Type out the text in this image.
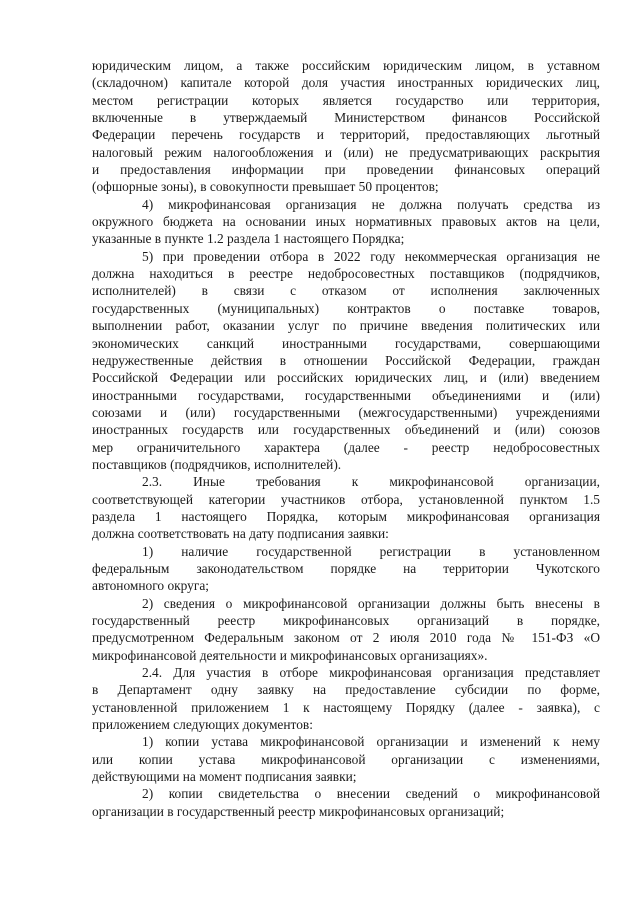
юридическим лицом, а также российским юридическим лицом, в уставном
(складочном) капитале которой доля участия иностранных юридических лиц,
местом регистрации которых является государство или территория,
включенные в утверждаемый Министерством финансов Российской
Федерации перечень государств и территорий, предоставляющих льготный
налоговый режим налогообложения и (или) не предусматривающих раскрытия
и предоставления информации при проведении финансовых операций
(офшорные зоны), в совокупности превышает 50 процентов;

4) микрофинансовая организация не должна получать средства из
окружного бюджета на основании иных нормативных правовых актов на цели,
указанные в пункте 1.2 раздела 1 настоящего Порядка;

5) при проведении отбора в 2022 году некоммерческая организация не
должна находиться в реестре недобросовестных поставщиков (подрядчиков,
исполнителей) в связи с отказом от исполнения заключенных
государственных (муниципальных) контрактов о поставке товаров,
выполнении работ, оказании услуг по причине введения политических или
экономических санкций иностранными государствами, совершающими
недружественные действия в отношении Российской Федерации, граждан
Российской Федерации или российских юридических лиц, и (или) введением
иностранными государствами, государственными объединениями и (или)
союзами и (или) государственными (межгосударственными) учреждениями
иностранных государств или государственных объединений и (или) союзов
мер ограничительного характера (далее - реестр недобросовестных
поставщиков (подрядчиков, исполнителей).

2.3. Иные требования к микрофинансовой организации,
соответствующей категории участников отбора, установленной пунктом 1.5
раздела 1 настоящего Порядка, которым микрофинансовая организация
должна соответствовать на дату подписания заявки:

1) наличие государственной регистрации в установленном
федеральным законодательством порядке на территории Чукотского
автономного округа;

2) сведения о микрофинансовой организации должны быть внесены в
государственный реестр микрофинансовых организаций в порядке,
предусмотренном Федеральным законом от 2 июля 2010 года № 151-ФЗ «О
микрофинансовой деятельности и микрофинансовых организациях».

2.4. Для участия в отборе микрофинансовая организация представляет
в Департамент одну заявку на предоставление субсидии по форме,
установленной приложением 1 к настоящему Порядку (далее - заявка), с
приложением следующих документов:

1) копии устава микрофинансовой организации и изменений к нему
или копии устава микрофинансовой организации с изменениями,
действующими на момент подписания заявки;

2) копии свидетельства о внесении сведений о микрофинансовой
организации в государственный реестр микрофинансовых организаций;
